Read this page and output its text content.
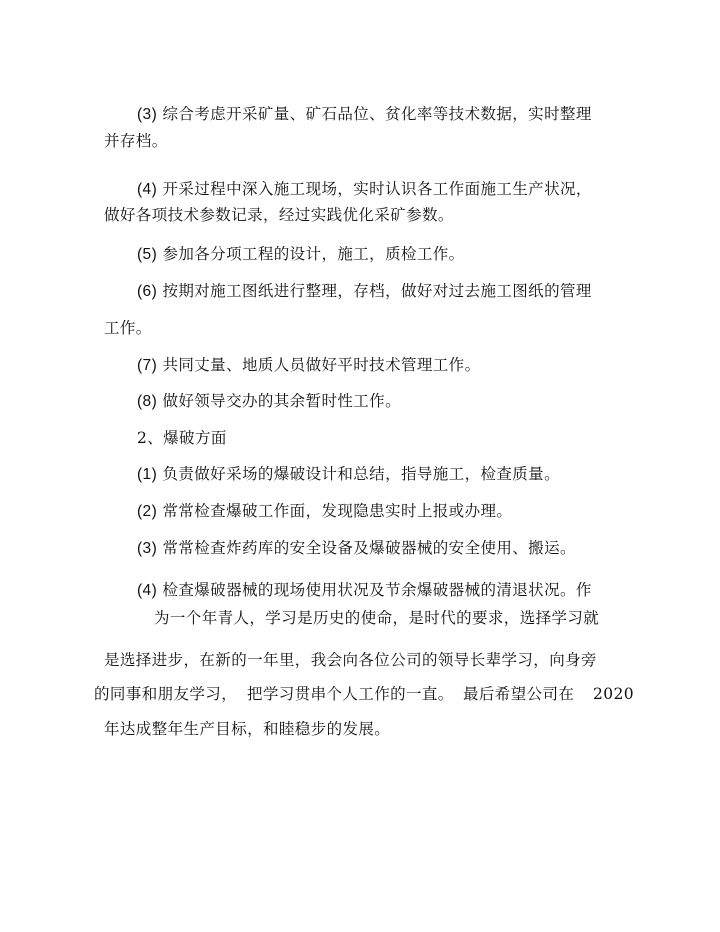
(3) 综合考虑开采矿量、矿石品位、贫化率等技术数据，实时整理
并存档。
(4) 开采过程中深入施工现场，实时认识各工作面施工生产状况，
做好各项技术参数记录，经过实践优化采矿参数。
(5) 参加各分项工程的设计，施工，质检工作。
(6) 按期对施工图纸进行整理，存档，做好对过去施工图纸的管理
工作。
(7) 共同丈量、地质人员做好平时技术管理工作。
(8) 做好领导交办的其余暂时性工作。
2、爆破方面
(1) 负责做好采场的爆破设计和总结，指导施工，检查质量。
(2) 常常检查爆破工作面，发现隐患实时上报或办理。
(3) 常常检查炸药库的安全设备及爆破器械的安全使用、搬运。
(4) 检查爆破器械的现场使用状况及节余爆破器械的清退状况。作
为一个年青人，学习是历史的使命，是时代的要求，选择学习就
是选择进步，在新的一年里，我会向各位公司的领导长辈学习，向身旁
的同事和朋友学习， 把学习贯串个人工作的一直。 最后希望公司在 2020
年达成整年生产目标，和睦稳步的发展。
